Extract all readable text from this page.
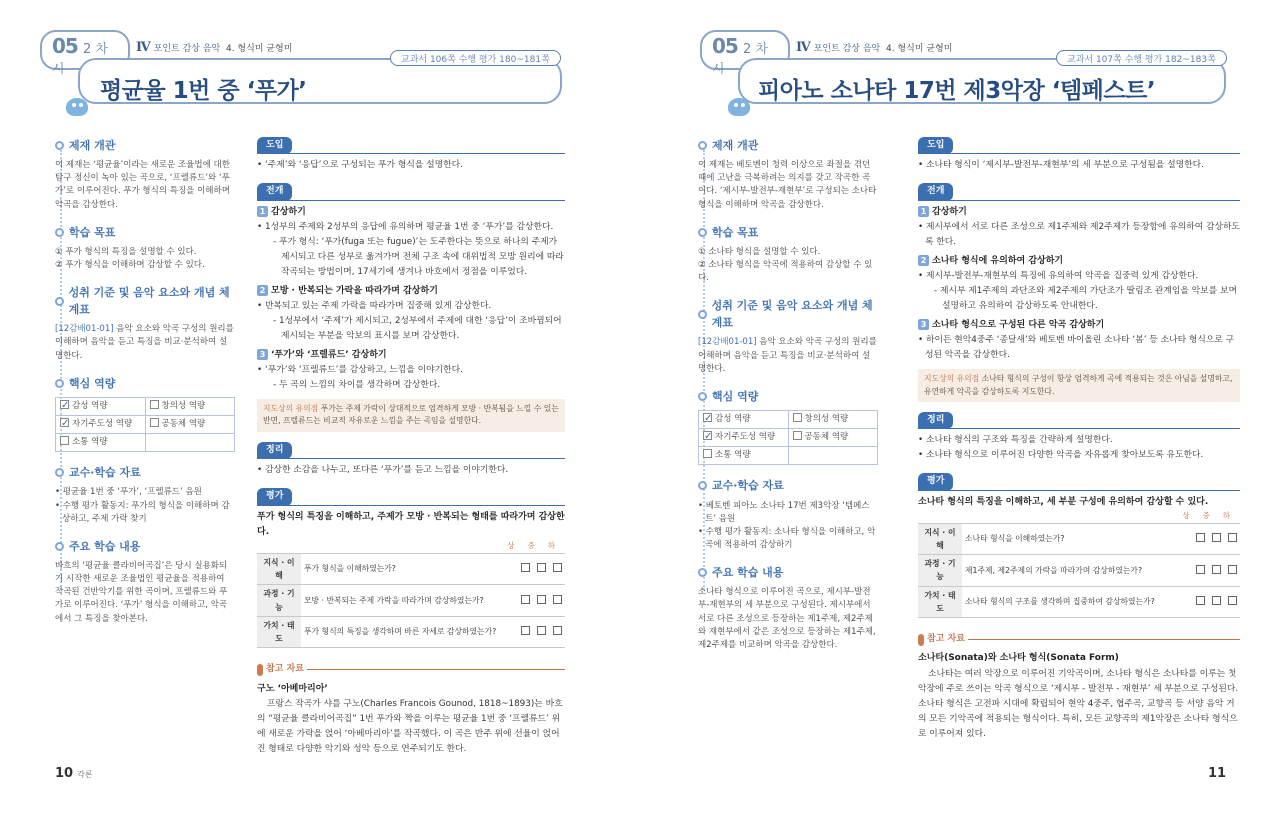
05 2 차시
Ⅳ 포인트 감상 음악 4. 형식미 균형미
교과서 106쪽 수행 평가 180~181쪽
평균율 1번 중 ‘푸가’
제재 개관
이 제재는 ‘평균율’이라는 새로운 조율법에 대한 탐구 정신이 녹아 있는 곡으로, ‘프렐류드’와 ‘푸가’로 이루어진다. 푸가 형식의 특징을 이해하며 악곡을 감상한다.
학습 목표
① 푸가 형식의 특징을 설명할 수 있다.
② 푸가 형식을 이해하며 감상할 수 있다.
성취 기준 및 음악 요소와 개념 체계표
[12감배01-01] 음악 요소와 악곡 구성의 원리를 이해하며 음악을 듣고 특징을 비교·분석하여 설명한다.
핵심 역량
✓감성 역량	창의성 역량
✓자기주도성 역량	공동체 역량
소통 역량	
교수·학습 자료
• 평균율 1번 중 ‘푸가’, ‘프렐류드’ 음원
• 수행 평가 활동지: 푸가의 형식을 이해하며 감상하고, 주제 가락 찾기
주요 학습 내용
바흐의 ‘평균율 클라비어곡집’은 당시 실용화되기 시작한 새로운 조율법인 평균율을 적용하여 작곡된 건반악기를 위한 곡이며, 프렐류드와 푸가로 이루어진다. ‘푸가’ 형식을 이해하고, 악곡에서 그 특징을 찾아본다.
도입
• ‘주제’와 ‘응답’으로 구성되는 푸가 형식을 설명한다.
전개
1 감상하기
• 1성부의 주제와 2성부의 응답에 유의하며 평균율 1번 중 ‘푸가’를 감상한다.
- 푸가 형식: ‘푸가(fuga 또는 fugue)’는 도주한다는 뜻으로 하나의 주제가 제시되고 다른 성부로 옮겨가며 전체 구조 속에 대위법적 모방 원리에 따라 작곡되는 방법이며, 17세기에 생겨나 바흐에서 정점을 이루었다.
2 모방 · 반복되는 가락을 따라가며 감상하기
• 반복되고 있는 주제 가락을 따라가며 집중해 있게 감상한다.
- 1성부에서 ‘주제’가 제시되고, 2성부에서 주제에 대한 ‘응답’이 조바뀜되어 제시되는 부분을 악보의 표시를 보며 감상한다.
3 ‘푸가’와 ‘프렐류드’ 감상하기
• ‘푸가’와 ‘프렐류드’를 감상하고, 느낌을 이야기한다.
- 두 곡의 느낌의 차이를 생각하며 감상한다.
지도상의 유의점 푸가는 주제 가락이 상대적으로 엄격하게 모방 · 반복됨을 느낄 수 있는 반면, 프렐류드는 비교적 자유로운 느낌을 주는 곡임을 설명한다.
정리
• 감상한 소감을 나누고, 또다른 ‘푸가’를 듣고 느낌을 이야기한다.
평가
푸가 형식의 특징을 이해하고, 주제가 모방 · 반복되는 형태를 따라가며 감상한다.
상 중 하
지식 · 이해	푸가 형식을 이해하였는가?	
과정 · 기능	모방 · 반복되는 주제 가락을 따라가며 감상하였는가?	
가치 · 태도	푸가 형식의 특징을 생각하며 바른 자세로 감상하였는가?	
참고 자료
구노 ‘아베마리아’
프랑스 작곡가 샤를 구노(Charles Francois Gounod, 1818~1893)는 바흐의 “평균율 클라비어곡집” 1번 푸가와 짝을 이루는 평균율 1번 중 ‘프렐류드’ 위에 새로운 가락을 얹어 ‘아베마리아’를 작곡했다. 이 곡은 반주 위에 선율이 얹어진 형태로 다양한 악기와 성악 등으로 연주되기도 한다.
10 각론
05 2 차시
Ⅳ 포인트 감상 음악 4. 형식미 균형미
교과서 107쪽 수행 평가 182~183쪽
피아노 소나타 17번 제3악장 ‘템페스트’
제재 개관
이 제재는 베토벤이 청력 이상으로 좌절을 겪던 때에 고난을 극복하려는 의지를 갖고 작곡한 곡이다. ‘제시부-발전부-재현부’로 구성되는 소나타 형식을 이해하며 악곡을 감상한다.
학습 목표
① 소나타 형식을 설명할 수 있다.
② 소나타 형식을 악곡에 적용하여 감상할 수 있다.
성취 기준 및 음악 요소와 개념 체계표
[12감배01-01] 음악 요소와 악곡 구성의 원리를 이해하며 음악을 듣고 특징을 비교·분석하여 설명한다.
핵심 역량
✓감성 역량	창의성 역량
✓자기주도성 역량	공동체 역량
소통 역량	
교수·학습 자료
• 베토벤 피아노 소나타 17번 제3악장 ‘템페스트’ 음원
• 수행 평가 활동지: 소나타 형식을 이해하고, 악곡에 적용하여 감상하기
주요 학습 내용
소나타 형식으로 이루어진 곡으로, 제시부-발전부-재현부의 세 부분으로 구성된다. 제시부에서 서로 다른 조성으로 등장하는 제1주제, 제2주제와 재현부에서 같은 조성으로 등장하는 제1주제, 제2주제를 비교하며 악곡을 감상한다.
도입
• 소나타 형식이 ‘제시부-발전부-재현부’의 세 부분으로 구성됨을 설명한다.
전개
1 감상하기
• 제시부에서 서로 다른 조성으로 제1주제와 제2주제가 등장함에 유의하여 감상하도록 한다.
2 소나타 형식에 유의하여 감상하기
• 제시부-발전부-재현부의 특징에 유의하여 악곡을 집중력 있게 감상한다.
- 제시부 제1주제의 과단조와 제2주제의 가단조가 딸림조 관계임을 악보를 보며 설명하고 유의하여 감상하도록 안내한다.
3 소나타 형식으로 구성된 다른 악곡 감상하기
• 하이든 현악4중주 ‘종달새’와 베토벤 바이올린 소나타 ‘봄’ 등 소나타 형식으로 구성된 악곡을 감상한다.
지도상의 유의점 소나타 형식의 구성이 항상 엄격하게 곡에 적용되는 것은 아님을 설명하고, 유연하게 악곡을 감상하도록 지도한다.
정리
• 소나타 형식의 구조와 특징을 간략하게 설명한다.
• 소나타 형식으로 이루어진 다양한 악곡을 자유롭게 찾아보도록 유도한다.
평가
소나타 형식의 특징을 이해하고, 세 부분 구성에 유의하여 감상할 수 있다.
상 중 하
지식 · 이해	소나타 형식을 이해하였는가?	
과정 · 기능	제1주제, 제2주제의 가락을 따라가며 감상하였는가?	
가치 · 태도	소나타 형식의 구조를 생각하며 집중하여 감상하였는가?	
참고 자료
소나타(Sonata)와 소나타 형식(Sonata Form)
소나타는 여러 악장으로 이루어진 기악곡이며, 소나타 형식은 소나타를 이루는 첫 악장에 주로 쓰이는 악곡 형식으로 ‘제시부 - 발전부 - 재현부’ 세 부분으로 구성된다. 소나타 형식은 고전파 시대에 확립되어 현악 4중주, 협주곡, 교향곡 등 서양 음악 거의 모든 기악곡에 적용되는 형식이다. 특히, 모든 교향곡의 제1악장은 소나타 형식으로 이루어져 있다.
11
